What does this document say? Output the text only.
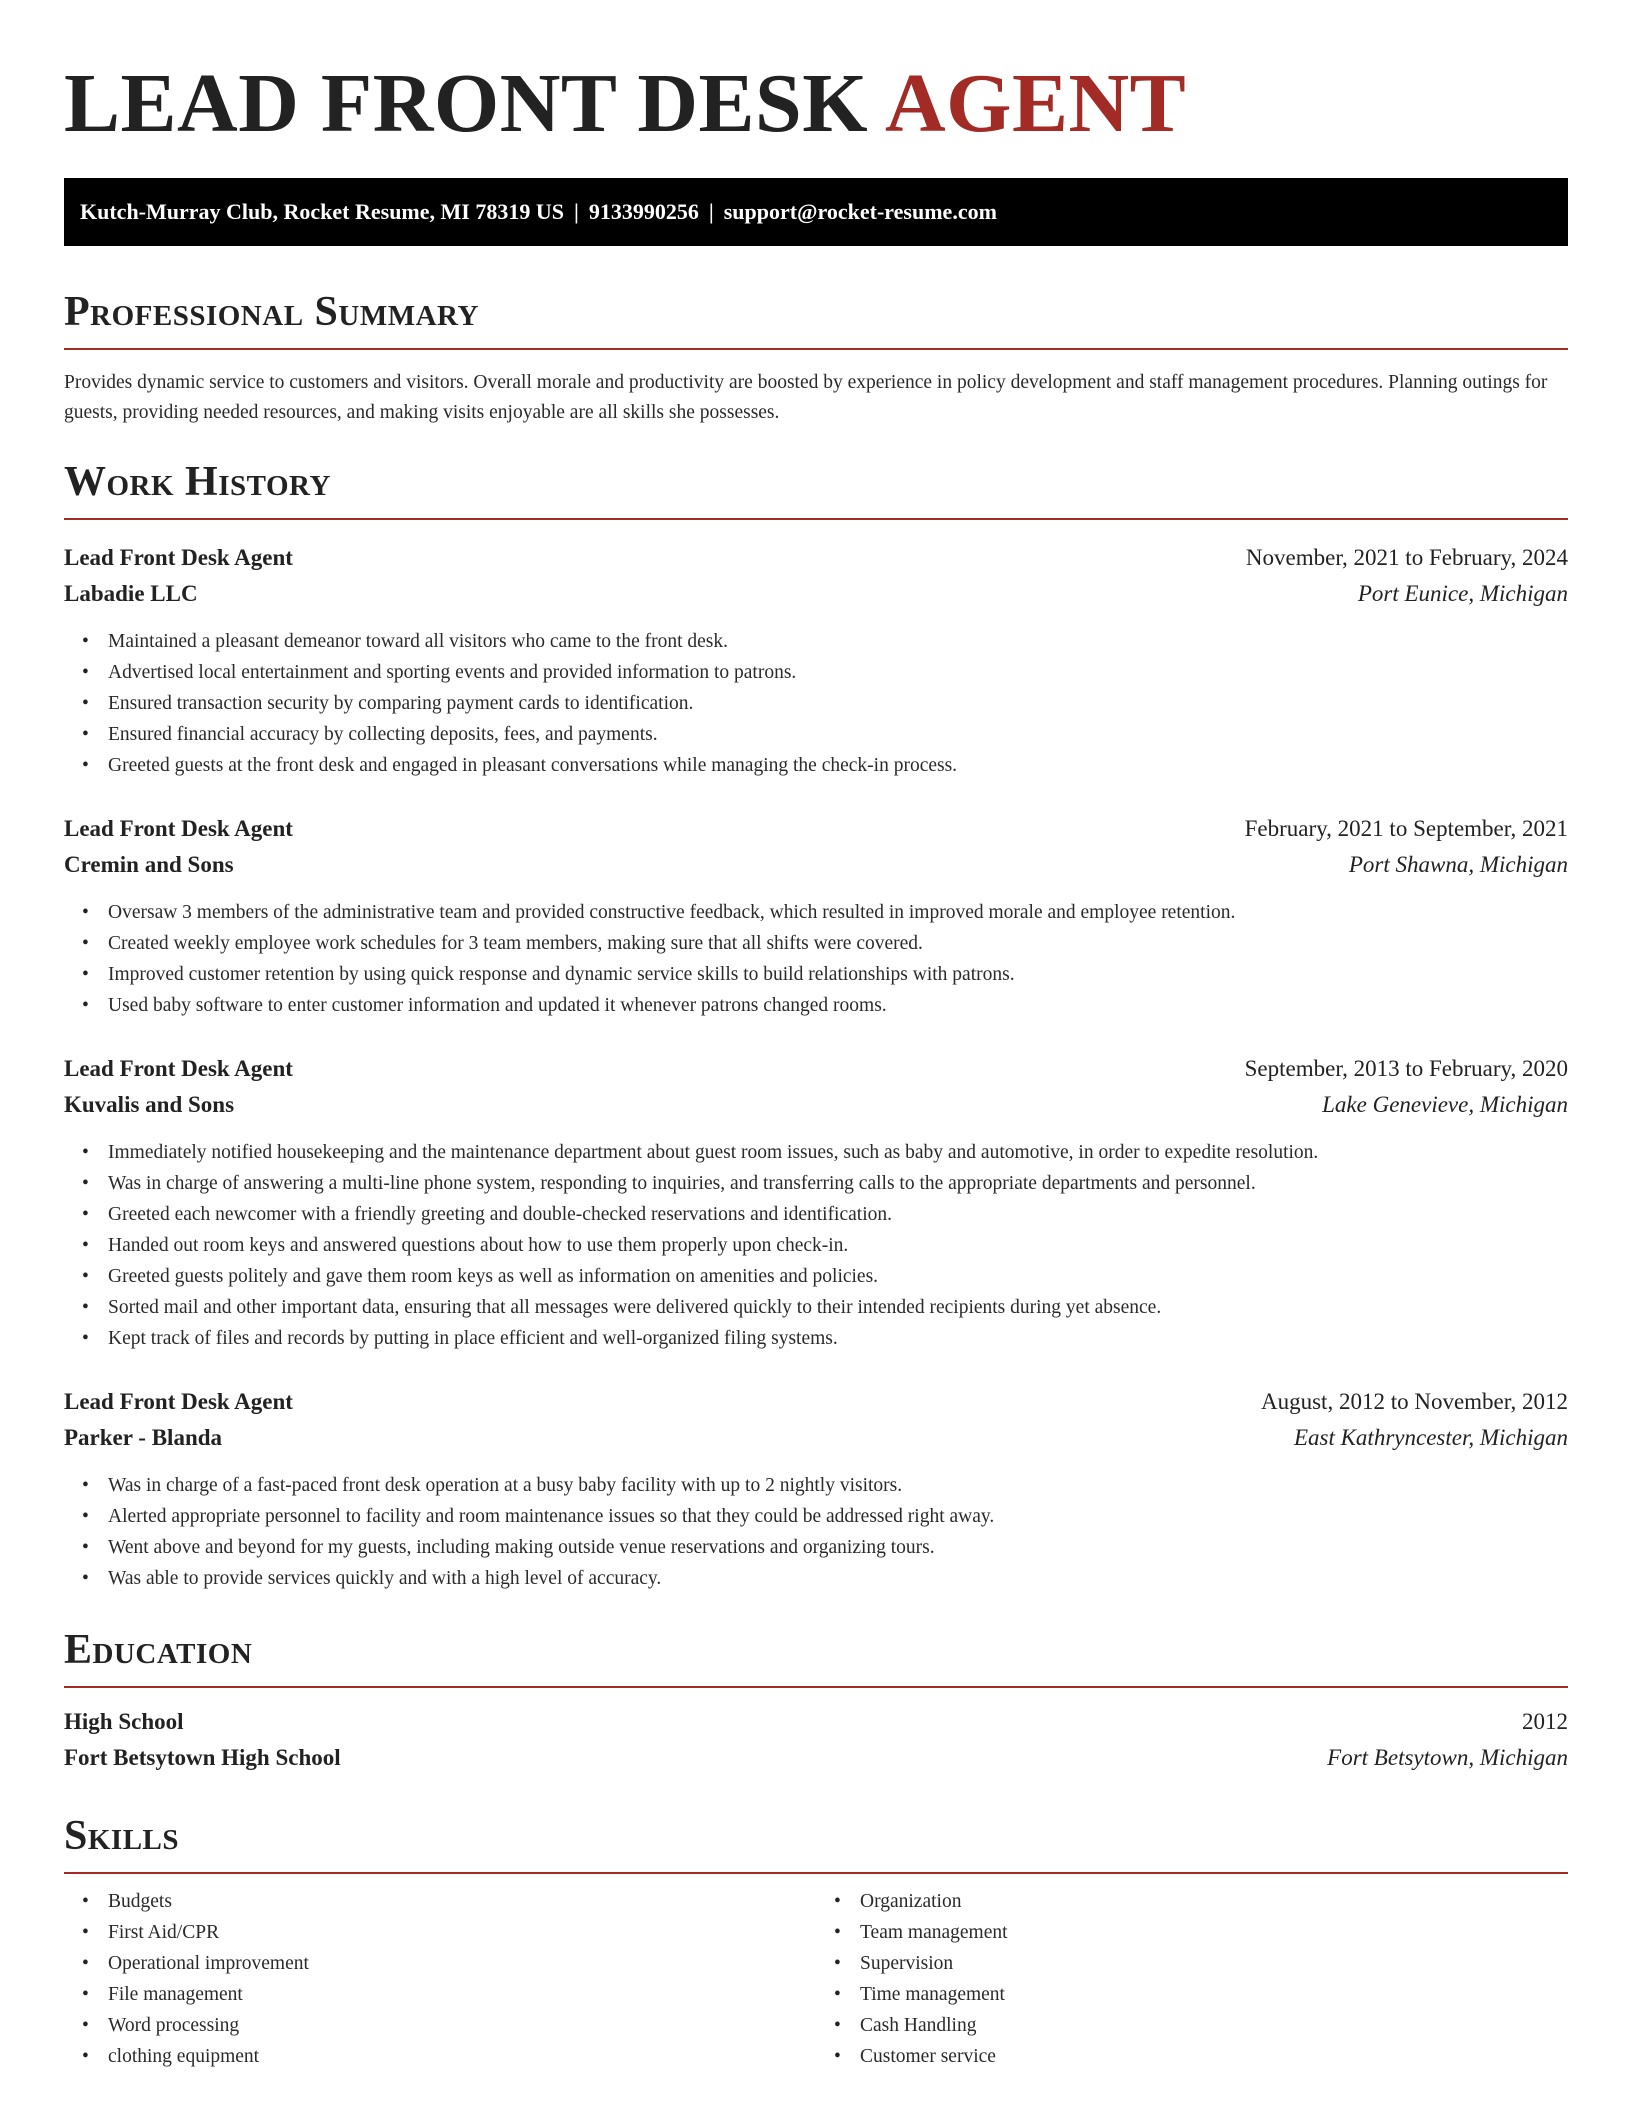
LEAD FRONT DESK AGENT
Kutch-Murray Club, Rocket Resume, MI 78319 US | 9133990256 | support@rocket-resume.com
Professional Summary

Provides dynamic service to customers and visitors. Overall morale and productivity are boosted by experience in policy development and staff management procedures. Planning outings for guests, providing needed resources, and making visits enjoyable are all skills she possesses.

Work History
Lead Front Desk Agent	November, 2021 to February, 2024
Labadie LLC	Port Eunice, Michigan
• Maintained a pleasant demeanor toward all visitors who came to the front desk.
• Advertised local entertainment and sporting events and provided information to patrons.
• Ensured transaction security by comparing payment cards to identification.
• Ensured financial accuracy by collecting deposits, fees, and payments.
• Greeted guests at the front desk and engaged in pleasant conversations while managing the check-in process.
Lead Front Desk Agent	February, 2021 to September, 2021
Cremin and Sons	Port Shawna, Michigan
• Oversaw 3 members of the administrative team and provided constructive feedback, which resulted in improved morale and employee retention.
• Created weekly employee work schedules for 3 team members, making sure that all shifts were covered.
• Improved customer retention by using quick response and dynamic service skills to build relationships with patrons.
• Used baby software to enter customer information and updated it whenever patrons changed rooms.
Lead Front Desk Agent	September, 2013 to February, 2020
Kuvalis and Sons	Lake Genevieve, Michigan
• Immediately notified housekeeping and the maintenance department about guest room issues, such as baby and automotive, in order to expedite resolution.
• Was in charge of answering a multi-line phone system, responding to inquiries, and transferring calls to the appropriate departments and personnel.
• Greeted each newcomer with a friendly greeting and double-checked reservations and identification.
• Handed out room keys and answered questions about how to use them properly upon check-in.
• Greeted guests politely and gave them room keys as well as information on amenities and policies.
• Sorted mail and other important data, ensuring that all messages were delivered quickly to their intended recipients during yet absence.
• Kept track of files and records by putting in place efficient and well-organized filing systems.
Lead Front Desk Agent	August, 2012 to November, 2012
Parker - Blanda	East Kathryncester, Michigan
• Was in charge of a fast-paced front desk operation at a busy baby facility with up to 2 nightly visitors.
• Alerted appropriate personnel to facility and room maintenance issues so that they could be addressed right away.
• Went above and beyond for my guests, including making outside venue reservations and organizing tours.
• Was able to provide services quickly and with a high level of accuracy.
Education
High School	2012
Fort Betsytown High School	Fort Betsytown, Michigan
Skills
• Budgets
• First Aid/CPR
• Operational improvement
• File management
• Word processing
• clothing equipment
• Organization
• Team management
• Supervision
• Time management
• Cash Handling
• Customer service
